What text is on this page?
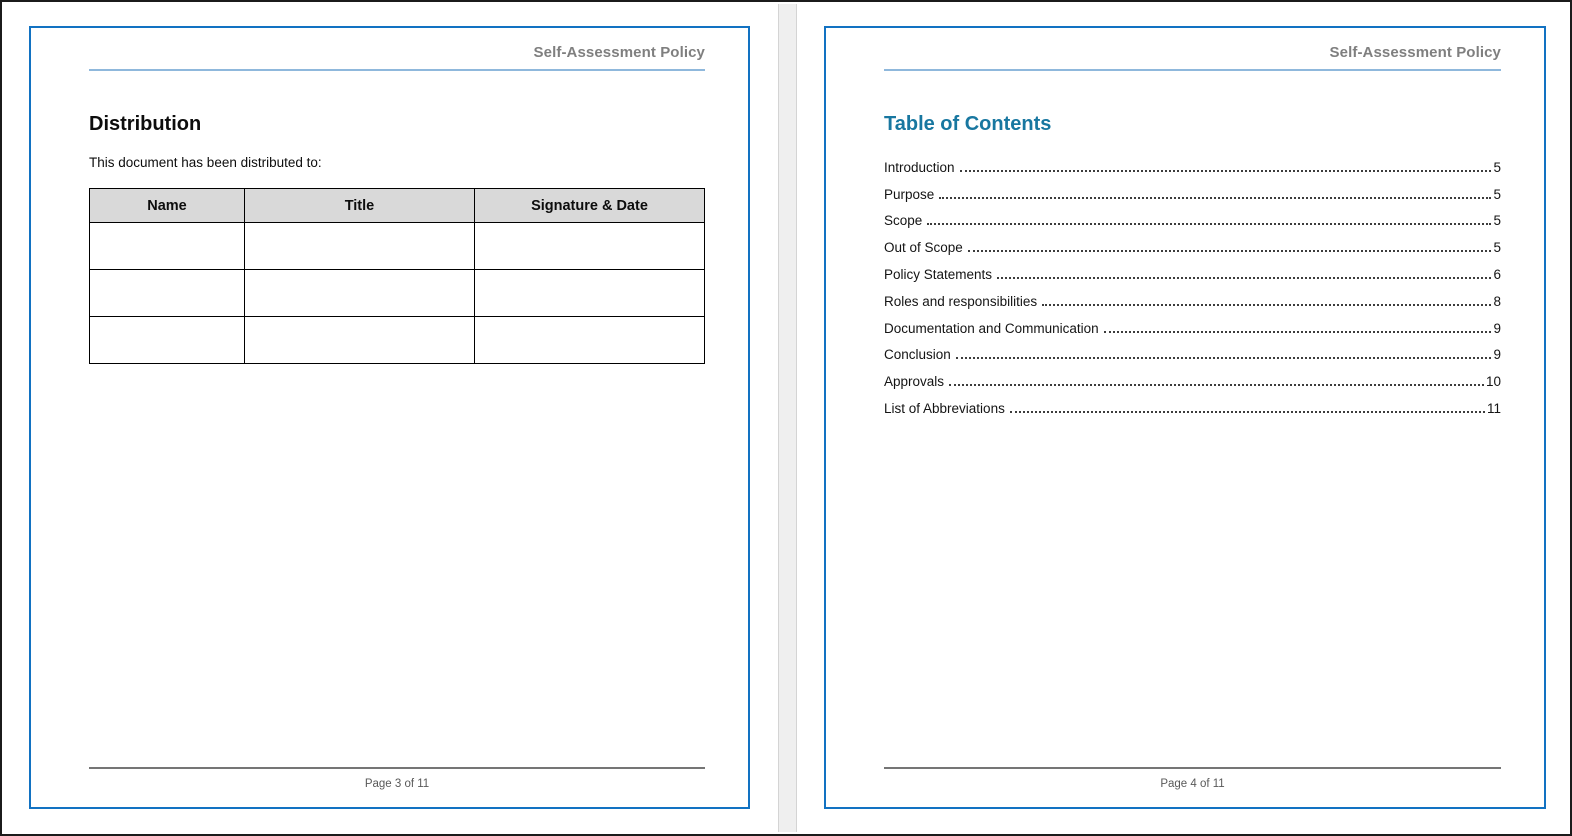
Self-Assessment Policy
Distribution

This document has been distributed to:

Name	Title	Signature & Date

Page 3 of 11
Self-Assessment Policy
Table of Contents
Introduction	5
Purpose	5
Scope	5
Out of Scope	5
Policy Statements	6
Roles and responsibilities	8
Documentation and Communication	9
Conclusion	9
Approvals	10
List of Abbreviations	11
Page 4 of 11
